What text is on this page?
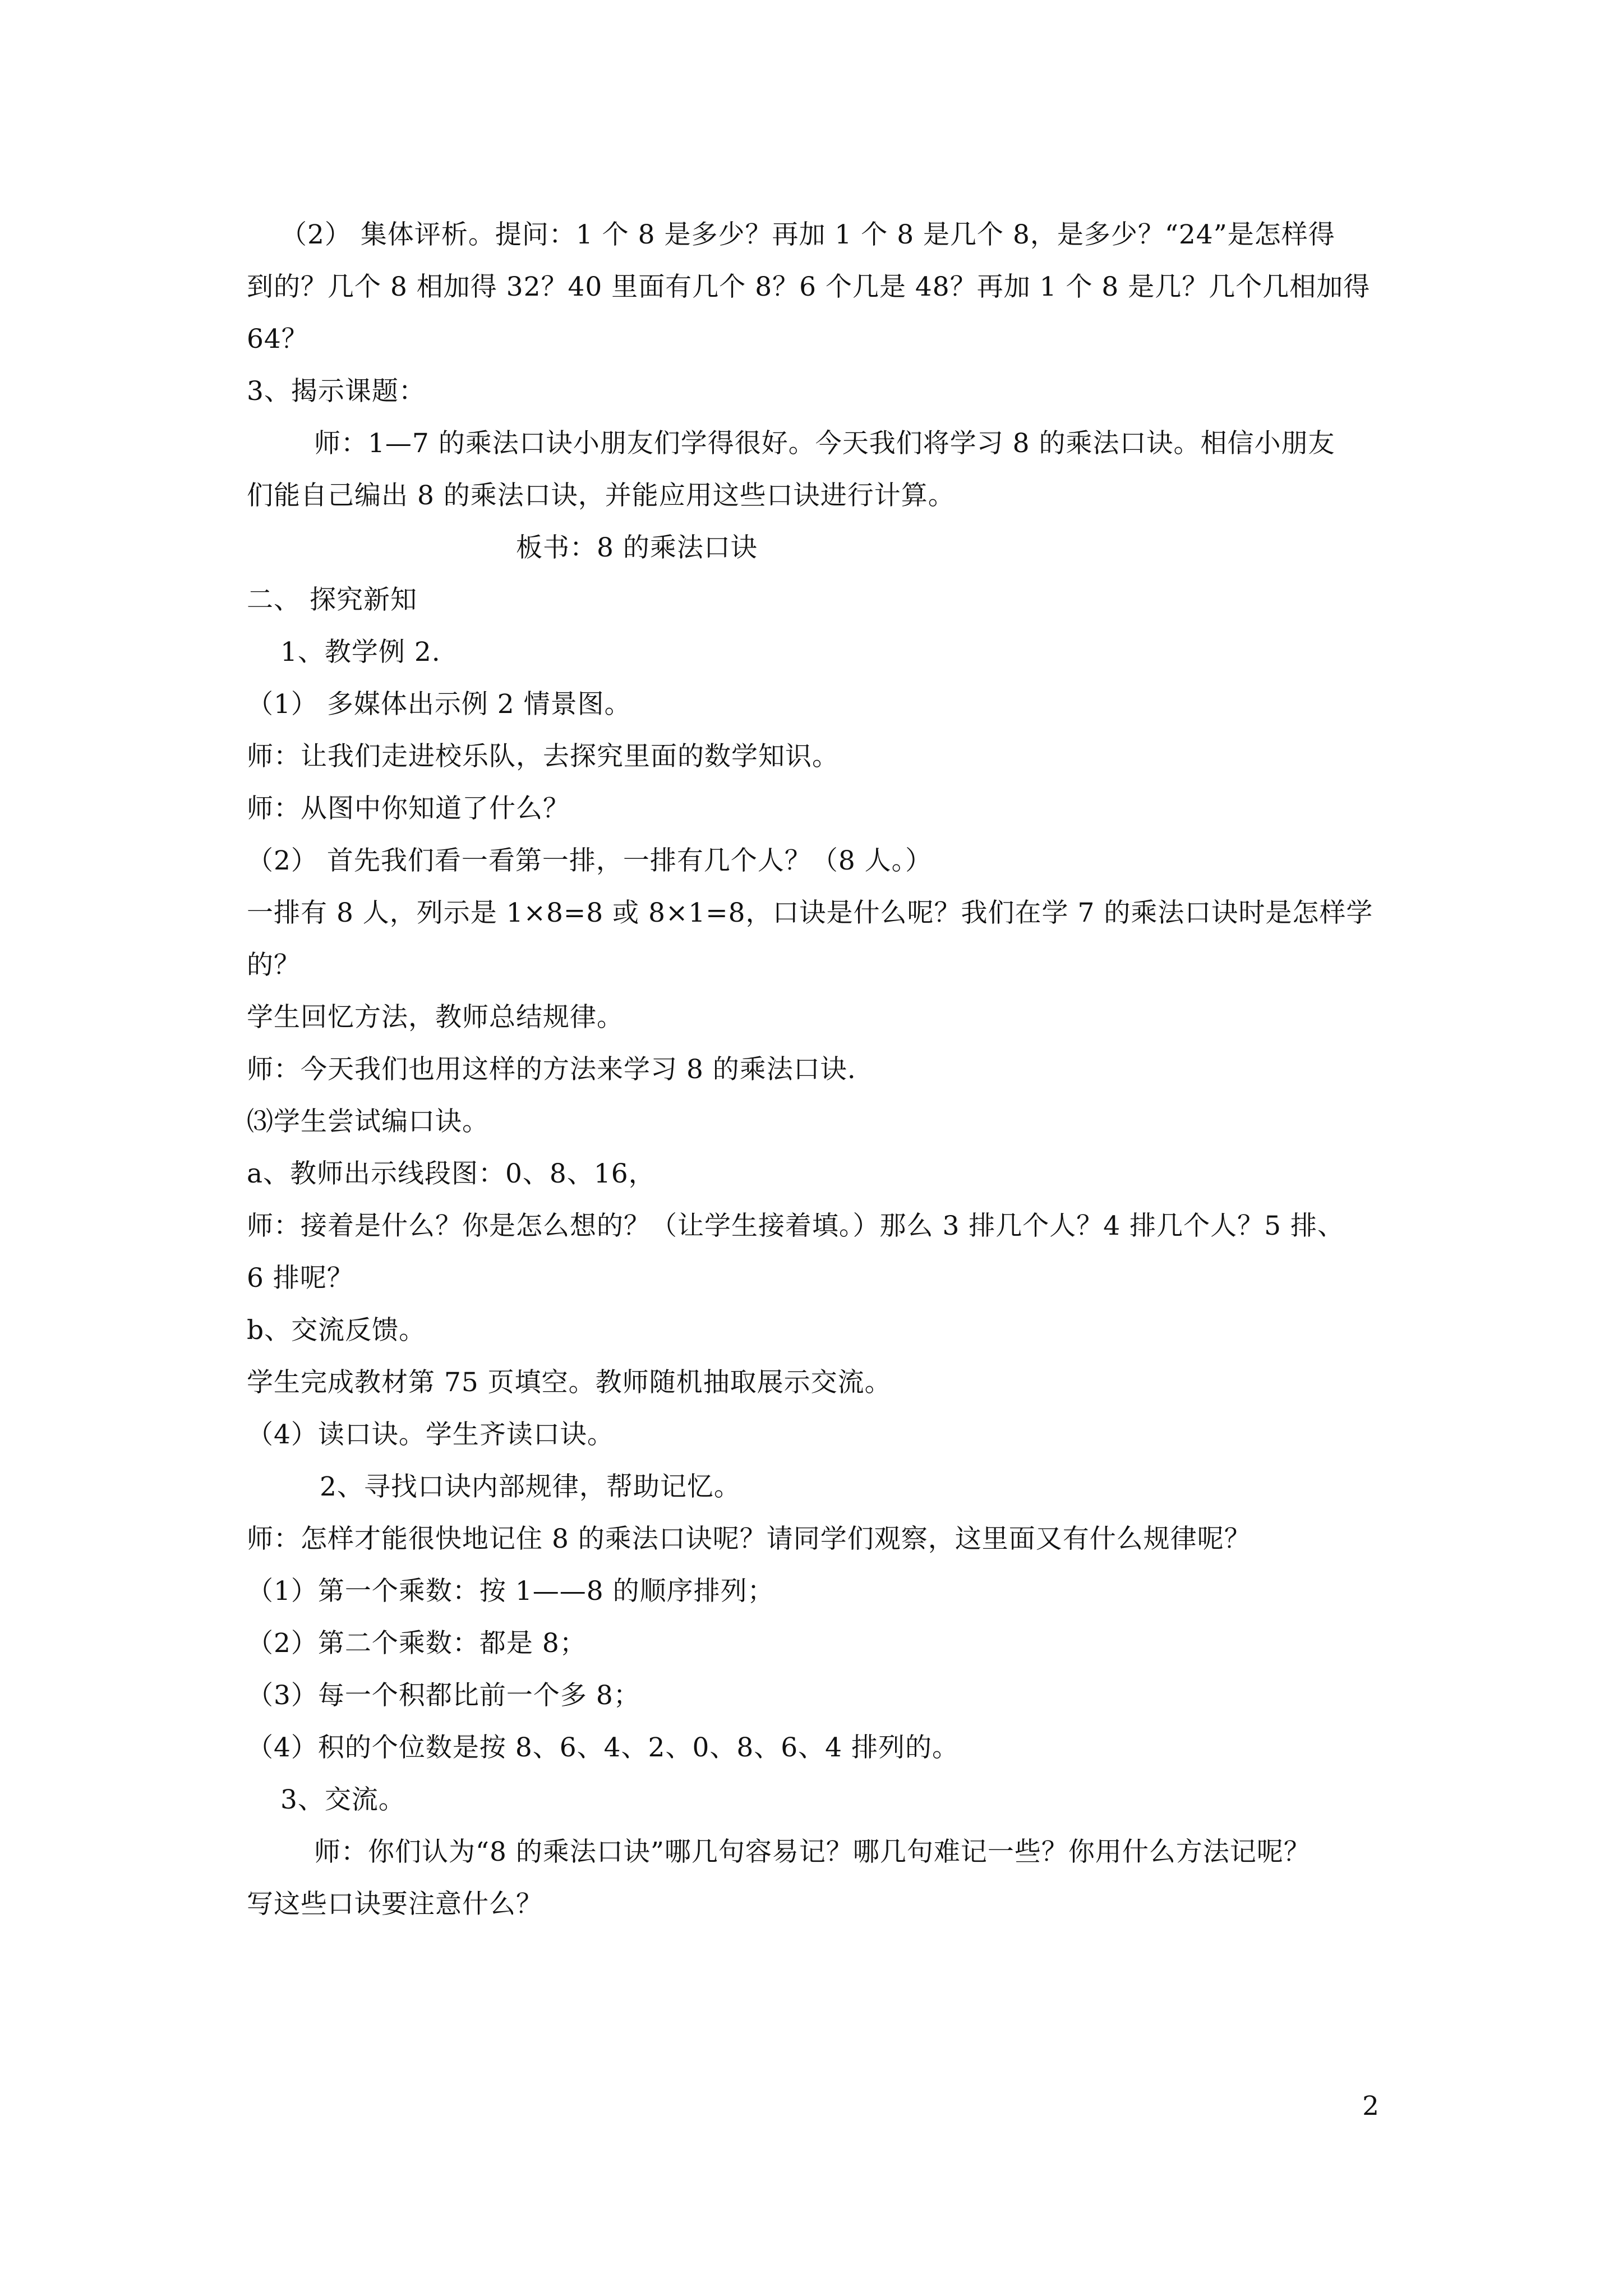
（2） 集体评析。提问：1 个 8 是多少？再加 1 个 8 是几个 8，是多少？“24”是怎样得
到的？几个 8 相加得 32？40 里面有几个 8？6 个几是 48？再加 1 个 8 是几？几个几相加得
64？
3、揭示课题：
师：1—7 的乘法口诀小朋友们学得很好。今天我们将学习 8 的乘法口诀。相信小朋友
们能自己编出 8 的乘法口诀，并能应用这些口诀进行计算。
板书：8 的乘法口诀
二、 探究新知
1、教学例 2.
（1） 多媒体出示例 2 情景图。
师：让我们走进校乐队，去探究里面的数学知识。
师：从图中你知道了什么？
（2） 首先我们看一看第一排，一排有几个人？（8 人。）
一排有 8 人，列示是 1×8=8 或 8×1=8，口诀是什么呢？我们在学 7 的乘法口诀时是怎样学
的？
学生回忆方法，教师总结规律。
师：今天我们也用这样的方法来学习 8 的乘法口诀.
⑶学生尝试编口诀。
a、教师出示线段图：0、8、16，
师：接着是什么？你是怎么想的？（让学生接着填。）那么 3 排几个人？4 排几个人？5 排、
6 排呢？
b、交流反馈。
学生完成教材第 75 页填空。教师随机抽取展示交流。
（4）读口诀。学生齐读口诀。
2、寻找口诀内部规律，帮助记忆。
师：怎样才能很快地记住 8 的乘法口诀呢？请同学们观察，这里面又有什么规律呢？
（1）第一个乘数：按 1——8 的顺序排列；
（2）第二个乘数：都是 8；
（3）每一个积都比前一个多 8；
（4）积的个位数是按 8、6、4、2、0、8、6、4 排列的。
3、交流。
师：你们认为“8 的乘法口诀”哪几句容易记？哪几句难记一些？你用什么方法记呢？
写这些口诀要注意什么？
2
